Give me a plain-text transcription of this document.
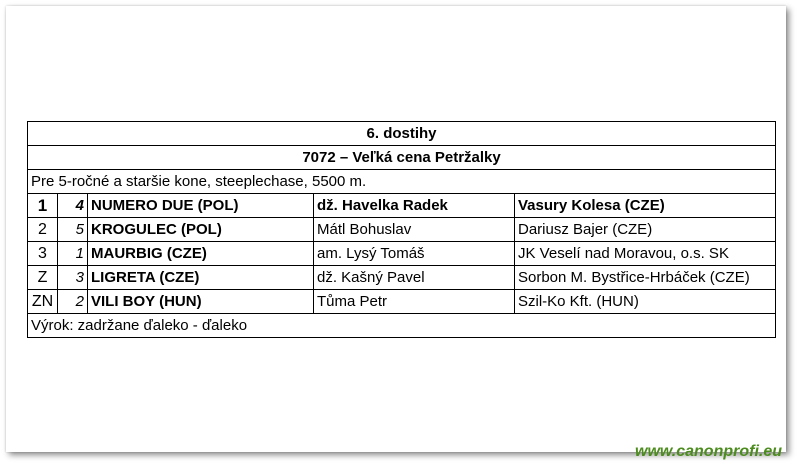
6. dostihy				
7072 – Veľká cena Petržalky				
Pre 5-ročné a staršie kone, steeplechase, 5500 m.				
1	4	NUMERO DUE (POL)	dž. Havelka Radek	Vasury Kolesa (CZE)
2	5	KROGULEC (POL)	Mátl Bohuslav	Dariusz Bajer (CZE)
3	1	MAURBIG (CZE)	am. Lysý Tomáš	JK Veselí nad Moravou, o.s. SK
Z	3	LIGRETA (CZE)	dž. Kašný Pavel	Sorbon M. Bystřice-Hrbáček (CZE)
ZN	2	VILI BOY (HUN)	Tůma Petr	Szil-Ko Kft. (HUN)
Výrok: zadržane ďaleko - ďaleko				
www.canonprofi.eu
